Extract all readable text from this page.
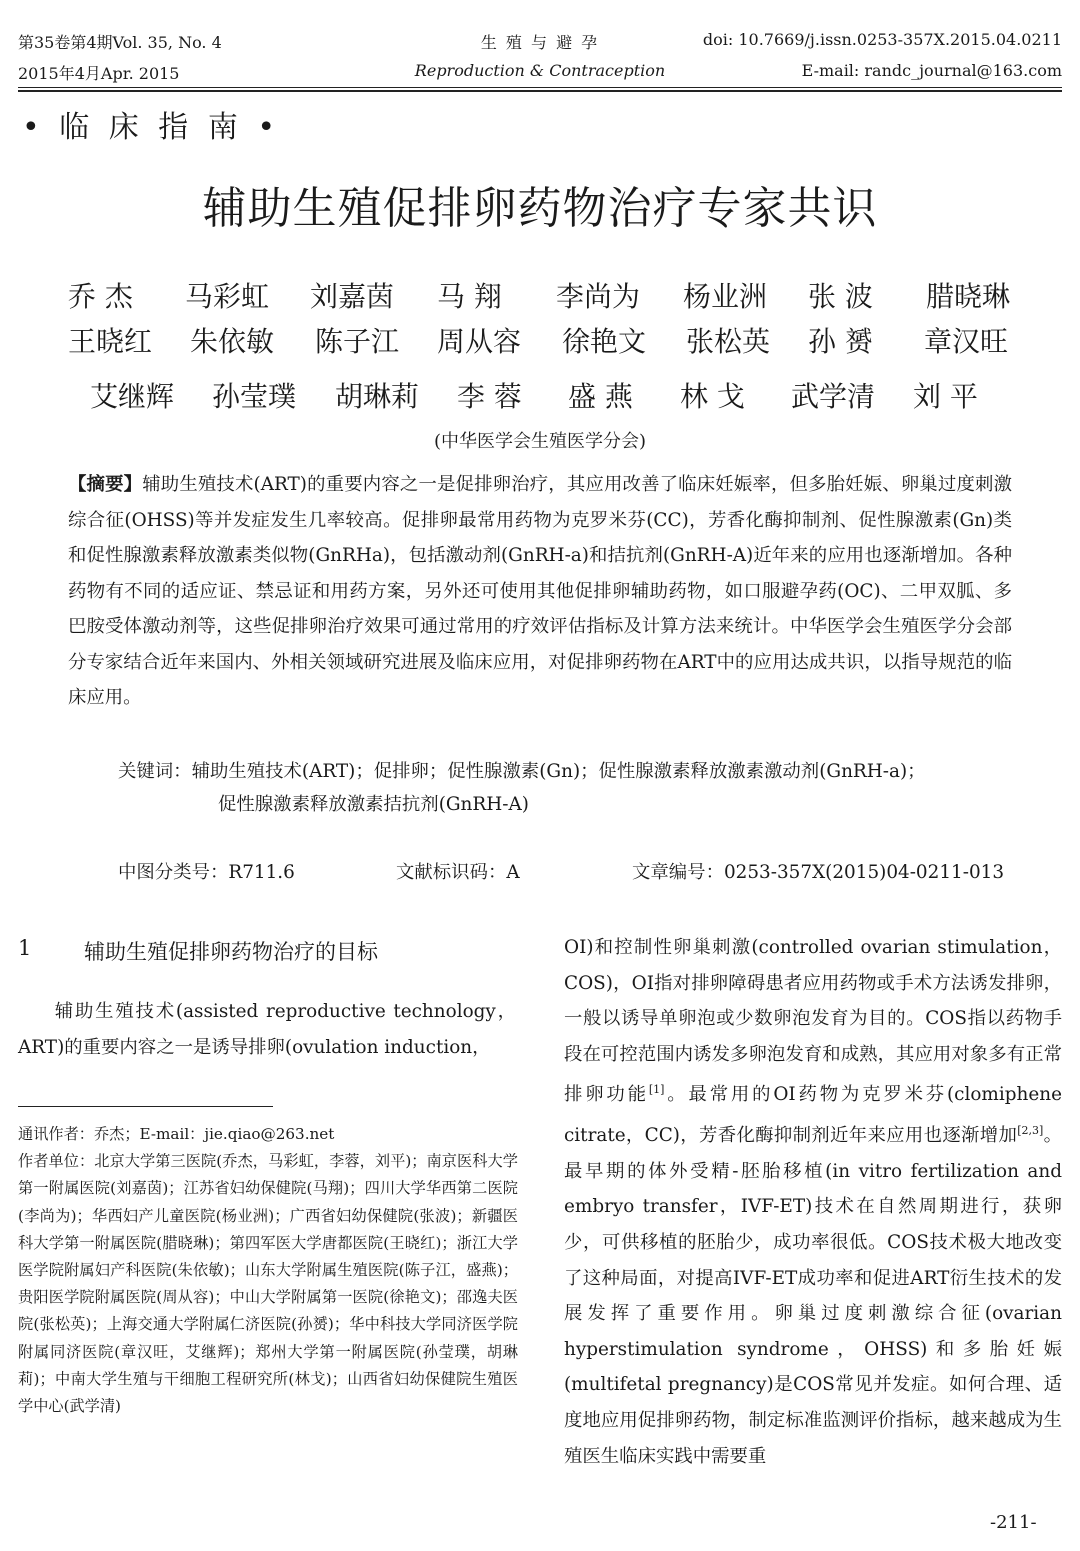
第35卷第4期Vol. 35, No. 4
2015年4月Apr. 2015
生 殖 与 避 孕
Reproduction & Contraception
doi: 10.7669/j.issn.0253-357X.2015.04.0211
E-mail: randc_journal@163.com
• 临 床 指 南 •
辅助生殖促排卵药物治疗专家共识
乔 杰 马彩虹 刘嘉茵 马 翔 李尚为 杨业洲 张 波 腊晓琳
王晓红 朱依敏 陈子江 周从容 徐艳文 张松英 孙 赟 章汉旺
艾继辉 孙莹璞 胡琳莉 李 蓉 盛 燕 林 戈 武学清 刘 平
(中华医学会生殖医学分会)
【摘要】辅助生殖技术(ART)的重要内容之一是促排卵治疗，其应用改善了临床妊娠率，但多胎妊娠、卵巢过度刺激综合征(OHSS)等并发症发生几率较高。促排卵最常用药物为克罗米芬(CC)，芳香化酶抑制剂、促性腺激素(Gn)类和促性腺激素释放激素类似物(GnRHa)，包括激动剂(GnRH-a)和拮抗剂(GnRH-A)近年来的应用也逐渐增加。各种药物有不同的适应证、禁忌证和用药方案，另外还可使用其他促排卵辅助药物，如口服避孕药(OC)、二甲双胍、多巴胺受体激动剂等，这些促排卵治疗效果可通过常用的疗效评估指标及计算方法来统计。中华医学会生殖医学分会部分专家结合近年来国内、外相关领域研究进展及临床应用，对促排卵药物在ART中的应用达成共识，以指导规范的临床应用。
关键词：辅助生殖技术(ART)；促排卵；促性腺激素(Gn)；促性腺激素释放激素激动剂(GnRH-a)；
促性腺激素释放激素拮抗剂(GnRH-A)
中图分类号：R711.6	文献标识码：A	文章编号：0253-357X(2015)04-0211-013
1	辅助生殖促排卵药物治疗的目标

辅助生殖技术(assisted reproductive technology，ART)的重要内容之一是诱导排卵(ovulation induction，

通讯作者：乔杰；E-mail：jie.qiao@263.net

作者单位：北京大学第三医院(乔杰，马彩虹，李蓉，刘平)；南京医科大学第一附属医院(刘嘉茵)；江苏省妇幼保健院(马翔)；四川大学华西第二医院(李尚为)；华西妇产儿童医院(杨业洲)；广西省妇幼保健院(张波)；新疆医科大学第一附属医院(腊晓琳)；第四军医大学唐都医院(王晓红)；浙江大学医学院附属妇产科医院(朱依敏)；山东大学附属生殖医院(陈子江，盛燕)；贵阳医学院附属医院(周从容)；中山大学附属第一医院(徐艳文)；邵逸夫医院(张松英)；上海交通大学附属仁济医院(孙赟)；华中科技大学同济医学院附属同济医院(章汉旺，艾继辉)；郑州大学第一附属医院(孙莹璞，胡琳莉)；中南大学生殖与干细胞工程研究所(林戈)；山西省妇幼保健院生殖医学中心(武学清)

OI)和控制性卵巢刺激(controlled ovarian stimulation，COS)，OI指对排卵障碍患者应用药物或手术方法诱发排卵，一般以诱导单卵泡或少数卵泡发育为目的。COS指以药物手段在可控范围内诱发多卵泡发育和成熟，其应用对象多有正常排卵功能[1]。最常用的OI药物为克罗米芬(clomiphene citrate，CC)，芳香化酶抑制剂近年来应用也逐渐增加[2,3]。最早期的体外受精-胚胎移植(in vitro fertilization and embryo transfer，IVF-ET)技术在自然周期进行，获卵少，可供移植的胚胎少，成功率很低。COS技术极大地改变了这种局面，对提高IVF-ET成功率和促进ART衍生技术的发展发挥了重要作用。卵巢过度刺激综合征(ovarian hyperstimulation syndrome，OHSS)和多胎妊娠(multifetal pregnancy)是COS常见并发症。如何合理、适度地应用促排卵药物，制定标准监测评价指标，越来越成为生殖医生临床实践中需要重

-211-
